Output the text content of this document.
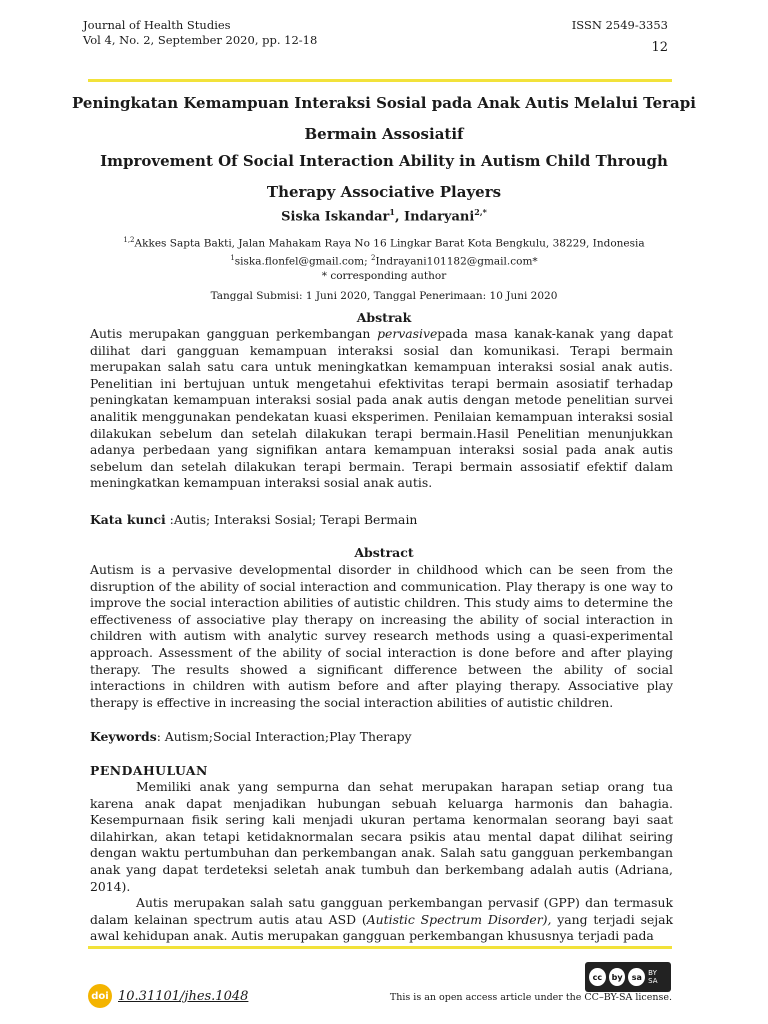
Journal of Health Studies
Vol 4, No. 2, September 2020, pp. 12-18
ISSN 2549-3353
12
Peningkatan Kemampuan Interaksi Sosial pada Anak Autis Melalui Terapi
Bermain Assosiatif
Improvement Of Social Interaction Ability in Autism Child Through
Therapy Associative Players
Siska Iskandar$^1$, Indaryani$^{2,*}$
$^{1,2}$Akkes Sapta Bakti, Jalan Mahakam Raya No 16 Lingkar Barat Kota Bengkulu, 38229, Indonesia
$^1$siska.flonfel@gmail.com; $^2$Indrayani101182@gmail.com*
* corresponding author
Tanggal Submisi: 1 Juni 2020, Tanggal Penerimaan: 10 Juni 2020
Abstrak

Autis merupakan gangguan perkembangan pervasivepada masa kanak-kanak yang dapat dilihat dari gangguan kemampuan interaksi sosial dan komunikasi. Terapi bermain merupakan salah satu cara untuk meningkatkan kemampuan interaksi sosial anak autis. Penelitian ini bertujuan untuk mengetahui efektivitas terapi bermain asosiatif terhadap peningkatan kemampuan interaksi sosial pada anak autis dengan metode penelitian survei analitik menggunakan pendekatan kuasi eksperimen. Penilaian kemampuan interaksi sosial dilakukan sebelum dan setelah dilakukan terapi bermain.Hasil Penelitian menunjukkan adanya perbedaan yang signifikan antara kemampuan interaksi sosial pada anak autis sebelum dan setelah dilakukan terapi bermain. Terapi bermain assosiatif efektif dalam meningkatkan kemampuan interaksi sosial anak autis.

Kata kunci :Autis; Interaksi Sosial; Terapi Bermain
Abstract
Autism is a pervasive developmental disorder in childhood which can be seen from the disruption of the ability of social interaction and communication. Play therapy is one way to improve the social interaction abilities of autistic children. This study aims to determine the effectiveness of associative play therapy on increasing the ability of social interaction in children with autism with analytic survey research methods using a quasi-experimental approach. Assessment of the ability of social interaction is done before and after playing therapy. The results showed a significant difference between the ability of social interactions in children with autism before and after playing therapy. Associative play therapy is effective in increasing the social interaction abilities of autistic children.
Keywords: Autism;Social Interaction;Play Therapy
PENDAHULUAN

Memiliki anak yang sempurna dan sehat merupakan harapan setiap orang tua karena anak dapat menjadikan hubungan sebuah keluarga harmonis dan bahagia. Kesempurnaan fisik sering kali menjadi ukuran pertama kenormalan seorang bayi saat dilahirkan, akan tetapi ketidaknormalan secara psikis atau mental dapat dilihat seiring dengan waktu pertumbuhan dan perkembangan anak. Salah satu gangguan perkembangan anak yang dapat terdeteksi seletah anak tumbuh dan berkembang adalah autis (Adriana, 2014).

Autis merupakan salah satu gangguan perkembangan pervasif (GPP) dan termasuk dalam kelainan spectrum autis atau ASD (Autistic Spectrum Disorder), yang terjadi sejak awal kehidupan anak. Autis merupakan gangguan perkembangan khususnya terjadi pada

doi 10.31101/jhes.1048
cc	by	sa BY SA
This is an open access article under the CC–BY-SA license.
